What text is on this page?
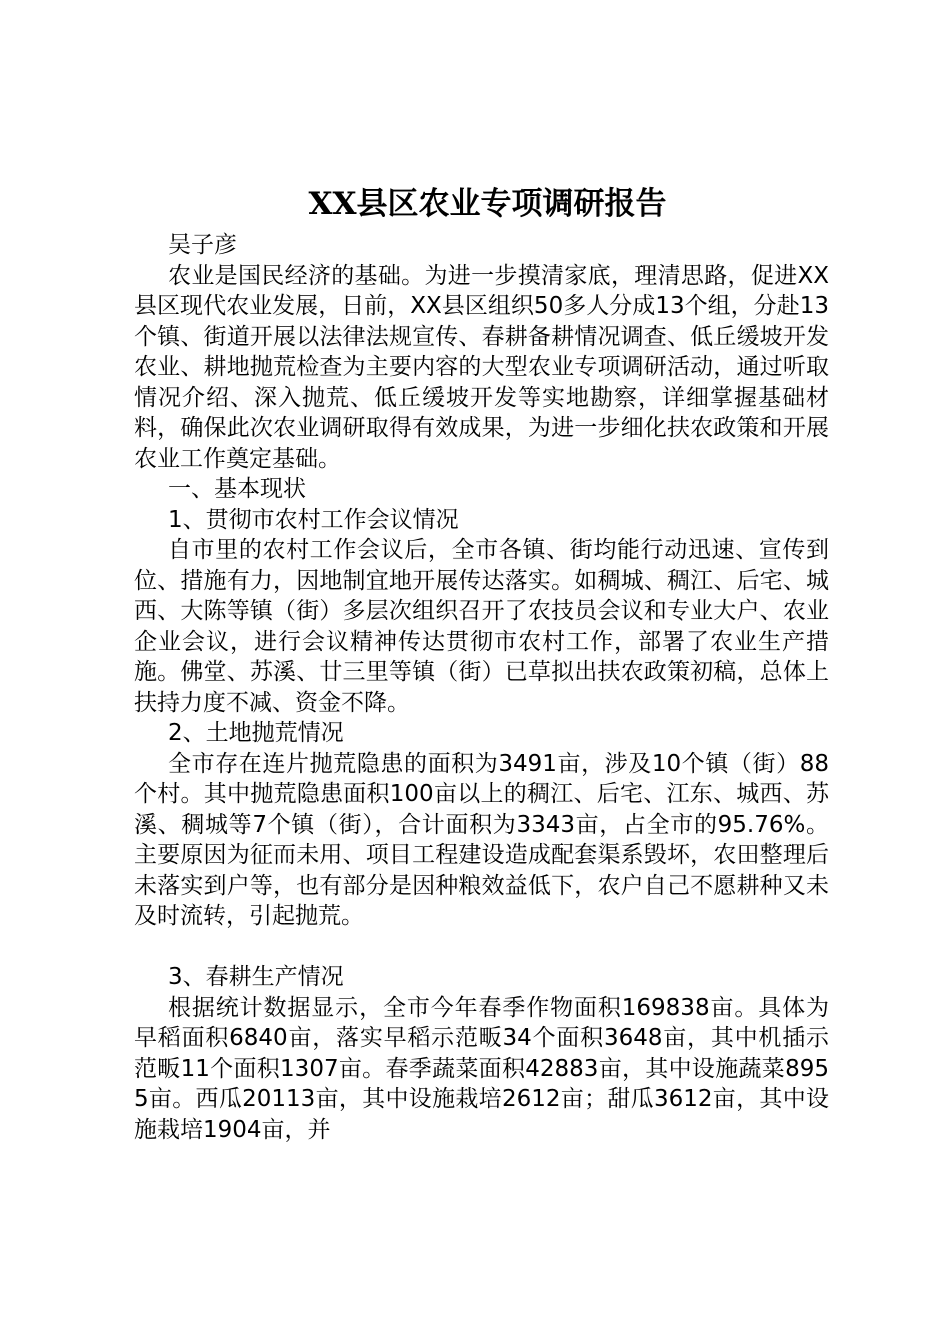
XX县区农业专项调研报告

吴子彦

农业是国民经济的基础。为进一步摸清家底，理清思路，促进XX县区现代农业发展，日前，XX县区组织50多人分成13个组，分赴13个镇、街道开展以法律法规宣传、春耕备耕情况调查、低丘缓坡开发农业、耕地抛荒检查为主要内容的大型农业专项调研活动，通过听取情况介绍、深入抛荒、低丘缓坡开发等实地勘察，详细掌握基础材料，确保此次农业调研取得有效成果，为进一步细化扶农政策和开展农业工作奠定基础。

一、基本现状

1、贯彻市农村工作会议情况

自市里的农村工作会议后，全市各镇、街均能行动迅速、宣传到位、措施有力，因地制宜地开展传达落实。如稠城、稠江、后宅、城西、大陈等镇（街）多层次组织召开了农技员会议和专业大户、农业企业会议，进行会议精神传达贯彻市农村工作，部署了农业生产措施。佛堂、苏溪、廿三里等镇（街）已草拟出扶农政策初稿，总体上扶持力度不减、资金不降。

2、土地抛荒情况

全市存在连片抛荒隐患的面积为3491亩，涉及10个镇（街）88个村。其中抛荒隐患面积100亩以上的稠江、后宅、江东、城西、苏溪、稠城等7个镇（街），合计面积为3343亩，占全市的95.76%。主要原因为征而未用、项目工程建设造成配套渠系毁坏，农田整理后未落实到户等，也有部分是因种粮效益低下，农户自己不愿耕种又未及时流转，引起抛荒。

3、春耕生产情况

根据统计数据显示，全市今年春季作物面积169838亩。具体为早稻面积6840亩，落实早稻示范畈34个面积3648亩，其中机插示范畈11个面积1307亩。春季蔬菜面积42883亩，其中设施蔬菜8955亩。西瓜20113亩，其中设施栽培2612亩；甜瓜3612亩，其中设施栽培1904亩，并
